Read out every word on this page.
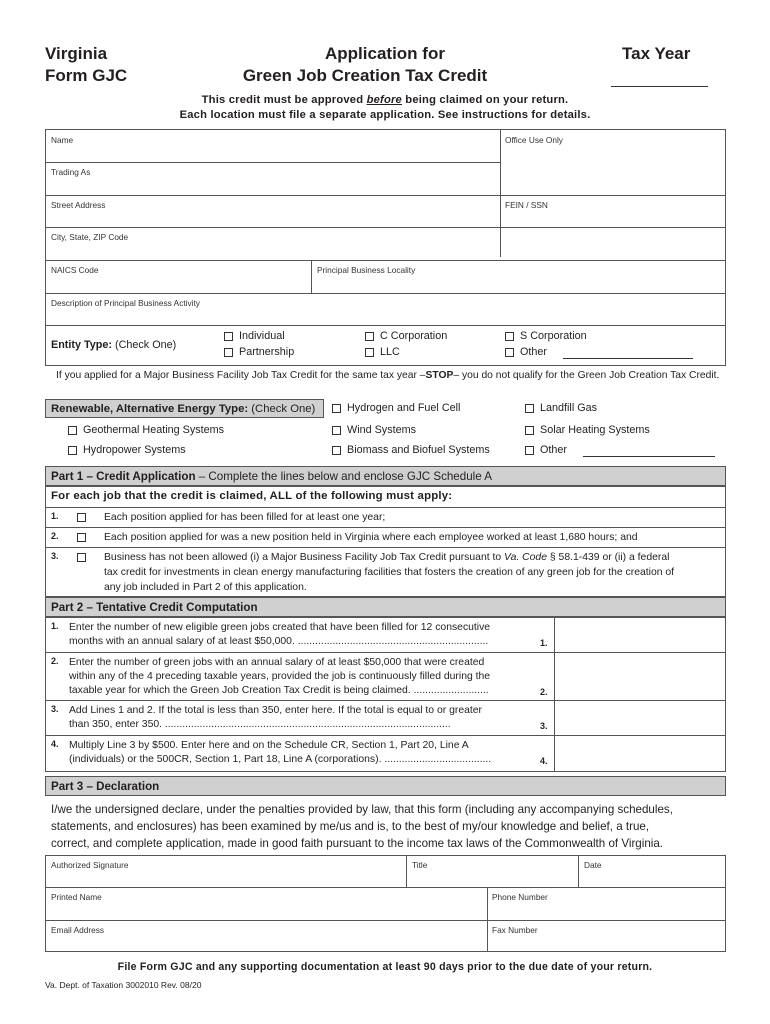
Virginia
Form GJC
Application for
Green Job Creation Tax Credit
Tax Year
This credit must be approved before being claimed on your return.
Each location must file a separate application. See instructions for details.
Name	Office Use Only
Trading As
Street Address	FEIN / SSN
City, State, ZIP Code
NAICS Code	Principal Business Locality
Description of Principal Business Activity
Entity Type: (Check One)
Individual
Partnership
C Corporation
LLC
S Corporation
Other
If you applied for a Major Business Facility Job Tax Credit for the same tax year –STOP– you do not qualify for the Green Job Creation Tax Credit.
Renewable, Alternative Energy Type: (Check One)	Hydrogen and Fuel Cell	Landfill Gas
Geothermal Heating Systems	Wind Systems	Solar Heating Systems
Hydropower Systems	Biomass and Biofuel Systems	Other
Part 1 – Credit Application – Complete the lines below and enclose GJC Schedule A
For each job that the credit is claimed, ALL of the following must apply:
1.	Each position applied for has been filled for at least one year;
2.	Each position applied for was a new position held in Virginia where each employee worked at least 1,680 hours; and
3.	Business has not been allowed (i) a Major Business Facility Job Tax Credit pursuant to Va. Code § 58.1-439 or (ii) a federal
tax credit for investments in clean energy manufacturing facilities that fosters the creation of any green job for the creation of
any job included in Part 2 of this application.
Part 2 – Tentative Credit Computation
1. Enter the number of new eligible green jobs created that have been filled for 12 consecutive
months with an annual salary of at least $50,000. ..................................................................	1.
2. Enter the number of green jobs with an annual salary of at least $50,000 that were created
within any of the 4 preceding taxable years, provided the job is continuously filled during the
taxable year for which the Green Job Creation Tax Credit is being claimed. ..........................	2.
3. Add Lines 1 and 2. If the total is less than 350, enter here. If the total is equal to or greater
than 350, enter 350. ...................................................................................................	3.
4. Multiply Line 3 by $500. Enter here and on the Schedule CR, Section 1, Part 20, Line A
(individuals) or the 500CR, Section 1, Part 18, Line A (corporations). .....................................	4.
Part 3 – Declaration
I/we the undersigned declare, under the penalties provided by law, that this form (including any accompanying schedules,
statements, and enclosures) has been examined by me/us and is, to the best of my/our knowledge and belief, a true,
correct, and complete application, made in good faith pursuant to the income tax laws of the Commonwealth of Virginia.
Authorized Signature	Title	Date
Printed Name	Phone Number
Email Address	Fax Number
File Form GJC and any supporting documentation at least 90 days prior to the due date of your return.
Va. Dept. of Taxation 3002010 Rev. 08/20
